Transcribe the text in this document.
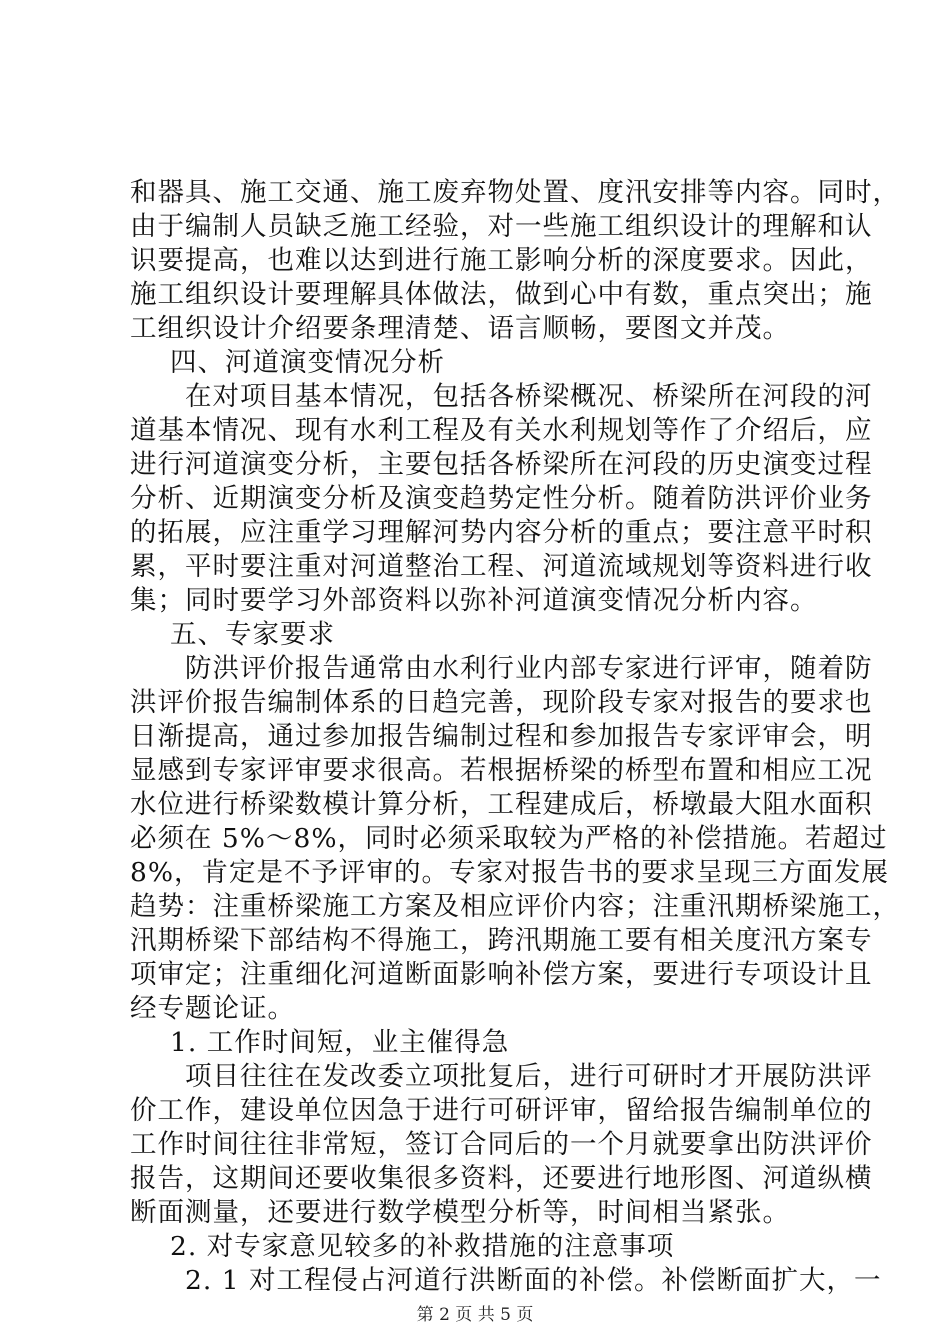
和器具、施工交通、施工废弃物处置、度汛安排等内容。同时，
由于编制人员缺乏施工经验，对一些施工组织设计的理解和认
识要提高，也难以达到进行施工影响分析的深度要求。因此，
施工组织设计要理解具体做法，做到心中有数，重点突出；施
工组织设计介绍要条理清楚、语言顺畅，要图文并茂。
四、河道演变情况分析
在对项目基本情况，包括各桥梁概况、桥梁所在河段的河
道基本情况、现有水利工程及有关水利规划等作了介绍后，应
进行河道演变分析，主要包括各桥梁所在河段的历史演变过程
分析、近期演变分析及演变趋势定性分析。随着防洪评价业务
的拓展，应注重学习理解河势内容分析的重点；要注意平时积
累，平时要注重对河道整治工程、河道流域规划等资料进行收
集；同时要学习外部资料以弥补河道演变情况分析内容。
五、专家要求
防洪评价报告通常由水利行业内部专家进行评审，随着防
洪评价报告编制体系的日趋完善，现阶段专家对报告的要求也
日渐提高，通过参加报告编制过程和参加报告专家评审会，明
显感到专家评审要求很高。若根据桥梁的桥型布置和相应工况
水位进行桥梁数模计算分析，工程建成后，桥墩最大阻水面积
必须在 5%～8%，同时必须采取较为严格的补偿措施。若超过
8%，肯定是不予评审的。专家对报告书的要求呈现三方面发展
趋势：注重桥梁施工方案及相应评价内容；注重汛期桥梁施工，
汛期桥梁下部结构不得施工，跨汛期施工要有相关度汛方案专
项审定；注重细化河道断面影响补偿方案，要进行专项设计且
经专题论证。
1. 工作时间短，业主催得急
项目往往在发改委立项批复后，进行可研时才开展防洪评
价工作，建设单位因急于进行可研评审，留给报告编制单位的
工作时间往往非常短，签订合同后的一个月就要拿出防洪评价
报告，这期间还要收集很多资料，还要进行地形图、河道纵横
断面测量，还要进行数学模型分析等，时间相当紧张。
2. 对专家意见较多的补救措施的注意事项
2. 1 对工程侵占河道行洪断面的补偿。补偿断面扩大，一
第 2 页 共 5 页
